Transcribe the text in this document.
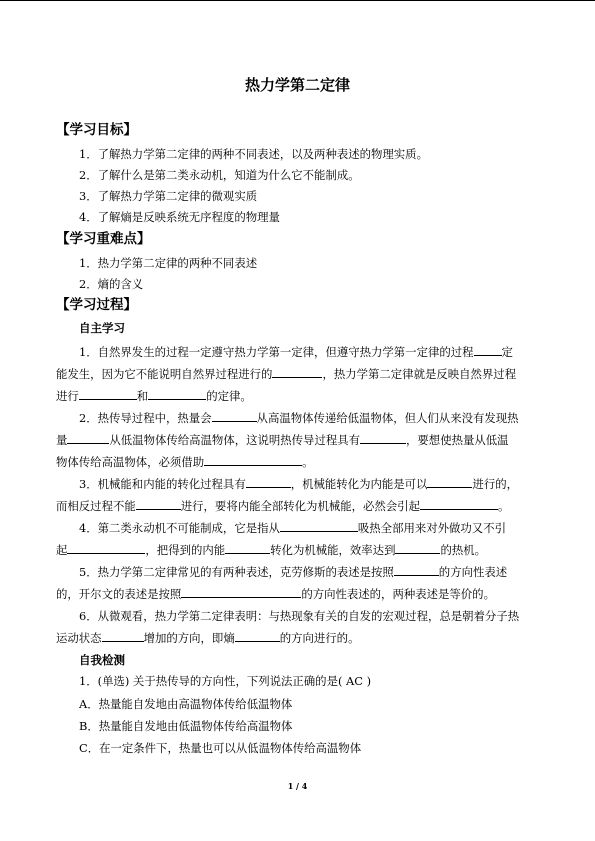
热力学第二定律
【学习目标】
1．了解热力学第二定律的两种不同表述，以及两种表述的物理实质。
2．了解什么是第二类永动机，知道为什么它不能制成。
3．了解热力学第二定律的微观实质
4．了解熵是反映系统无序程度的物理量
【学习重难点】
1．热力学第二定律的两种不同表述
2．熵的含义
【学习过程】
自主学习
1．自然界发生的过程一定遵守热力学第一定律，但遵守热力学第一定律的过程 定
能发生，因为它不能说明自然界过程进行的	，热力学第二定律就是反映自然界过程
进行	和	的定律。
2．热传导过程中，热量会	从高温物体传递给低温物体，但人们从来没有发现热
量	从低温物体传给高温物体，这说明热传导过程具有	，要想使热量从低温
物体传给高温物体，必须借助	。
3．机械能和内能的转化过程具有	，机械能转化为内能是可以	进行的，
而相反过程不能	进行，要将内能全部转化为机械能，必然会引起	。
4．第二类永动机不可能制成，它是指从	吸热全部用来对外做功又不引
起	，把得到的内能	转化为机械能，效率达到	的热机。
5．热力学第二定律常见的有两种表述，克劳修斯的表述是按照	的方向性表述
的，开尔文的表述是按照	的方向性表述的，两种表述是等价的。
6．从微观看，热力学第二定律表明：与热现象有关的自发的宏观过程，总是朝着分子热
运动状态	增加的方向，即熵	的方向进行的。
自我检测
1．(单选) 关于热传导的方向性，下列说法正确的是( AC )
A．热量能自发地由高温物体传给低温物体
B．热量能自发地由低温物体传给高温物体
C．在一定条件下，热量也可以从低温物体传给高温物体
1 / 4
